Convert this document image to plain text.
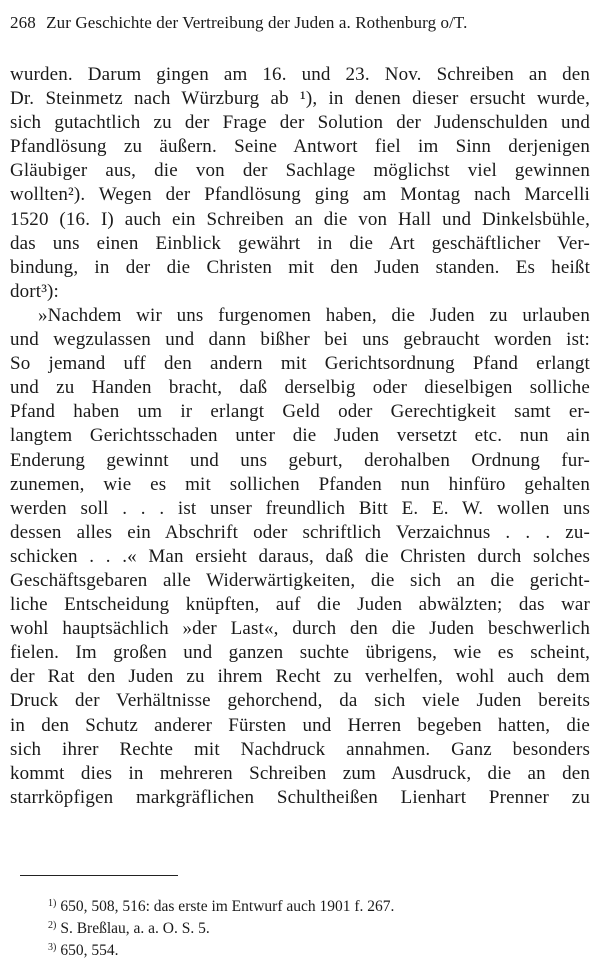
268 Zur Geschichte der Vertreibung der Juden a. Rothenburg o/T.
wurden. Darum gingen am 16. und 23. Nov. Schreiben an den
Dr. Steinmetz nach Würzburg ab ¹), in denen dieser ersucht wurde,
sich gutachtlich zu der Frage der Solution der Judenschulden und
Pfandlösung zu äußern. Seine Antwort fiel im Sinn derjenigen
Gläubiger aus, die von der Sachlage möglichst viel gewinnen
wollten²). Wegen der Pfandlösung ging am Montag nach Marcelli
1520 (16. I) auch ein Schreiben an die von Hall und Dinkelsbühle,
das uns einen Einblick gewährt in die Art geschäftlicher Ver-
bindung, in der die Christen mit den Juden standen. Es heißt
dort³):
»Nachdem wir uns furgenomen haben, die Juden zu urlauben
und wegzulassen und dann bißher bei uns gebraucht worden ist:
So jemand uff den andern mit Gerichtsordnung Pfand erlangt
und zu Handen bracht, daß derselbig oder dieselbigen solliche
Pfand haben um ir erlangt Geld oder Gerechtigkeit samt er-
langtem Gerichtsschaden unter die Juden versetzt etc. nun ain
Enderung gewinnt und uns geburt, derohalben Ordnung fur-
zunemen, wie es mit sollichen Pfanden nun hinfüro gehalten
werden soll . . . ist unser freundlich Bitt E. E. W. wollen uns
dessen alles ein Abschrift oder schriftlich Verzaichnus . . . zu-
schicken . . .« Man ersieht daraus, daß die Christen durch solches
Geschäftsgebaren alle Widerwärtigkeiten, die sich an die gericht-
liche Entscheidung knüpften, auf die Juden abwälzten; das war
wohl hauptsächlich »der Last«, durch den die Juden beschwerlich
fielen. Im großen und ganzen suchte übrigens, wie es scheint,
der Rat den Juden zu ihrem Recht zu verhelfen, wohl auch dem
Druck der Verhältnisse gehorchend, da sich viele Juden bereits
in den Schutz anderer Fürsten und Herren begeben hatten, die
sich ihrer Rechte mit Nachdruck annahmen. Ganz besonders
kommt dies in mehreren Schreiben zum Ausdruck, die an den
starrköpfigen markgräflichen Schultheißen Lienhart Prenner zu
$^{1)}$ 650, 508, 516: das erste im Entwurf auch 1901 f. 267.
$^{2)}$ S. Breßlau, a. a. O. S. 5.
$^{3)}$ 650, 554.
